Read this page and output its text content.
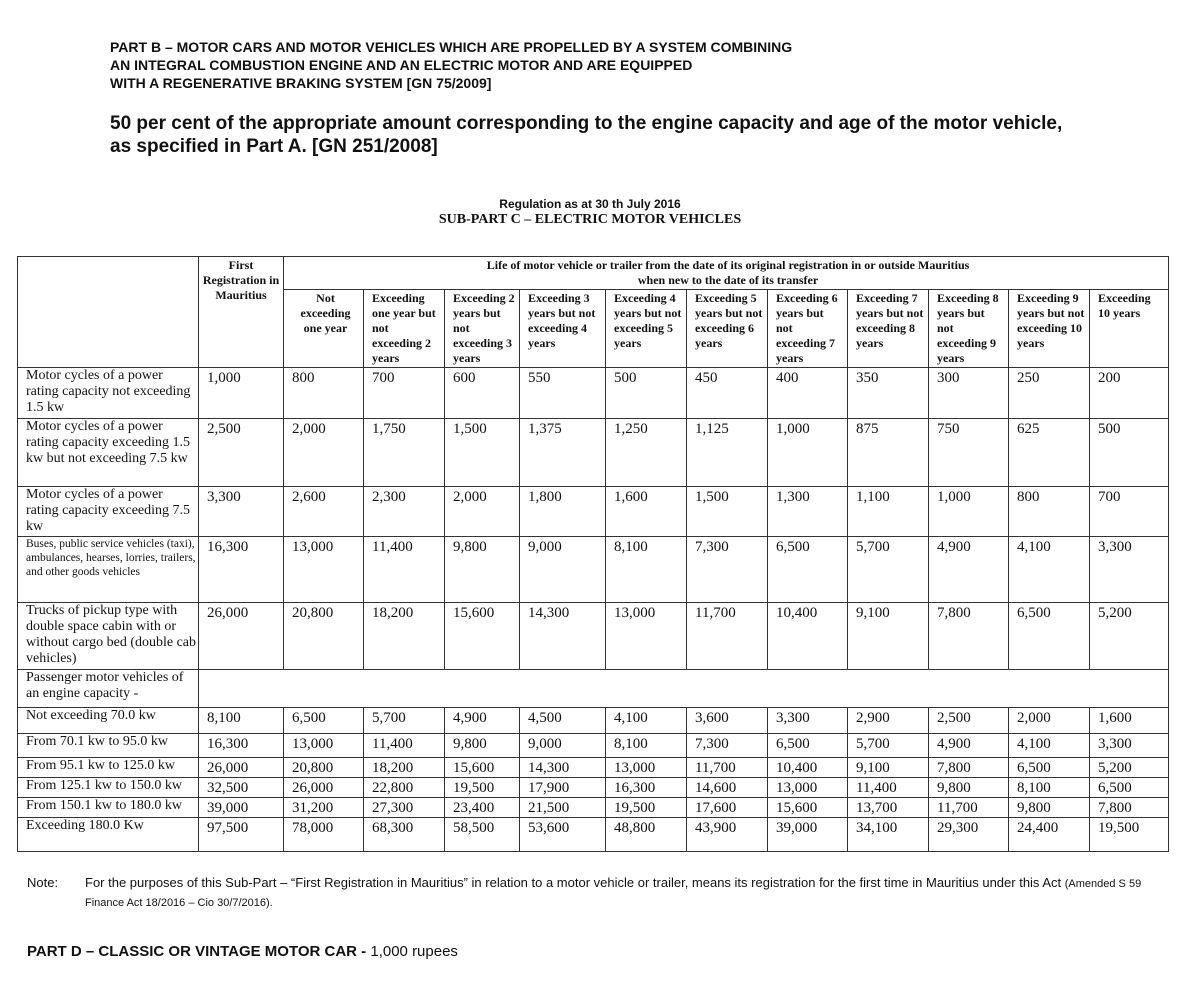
PART B – MOTOR CARS AND MOTOR VEHICLES WHICH ARE PROPELLED BY A SYSTEM COMBINING
AN INTEGRAL COMBUSTION ENGINE AND AN ELECTRIC MOTOR AND ARE EQUIPPED
WITH A REGENERATIVE BRAKING SYSTEM [GN 75/2009]
50 per cent of the appropriate amount corresponding to the engine capacity and age of the motor vehicle,
as specified in Part A. [GN 251/2008]
Regulation as at 30 th July 2016
SUB-PART C – ELECTRIC MOTOR VEHICLES
	First Registration in Mauritius	Life of motor vehicle or trailer from the date of its original registration in or outside Mauritius
when new to the date of its transfer										

		Not exceeding one year	Exceeding one year but not exceeding 2 years	Exceeding 2 years but not exceeding 3 years	Exceeding 3 years but not exceeding 4 years	Exceeding 4 years but not exceeding 5 years	Exceeding 5 years but not exceeding 6 years	Exceeding 6 years but not exceeding 7 years	Exceeding 7 years but not exceeding 8 years	Exceeding 8 years but not exceeding 9 years	Exceeding 9 years but not exceeding 10 years	Exceeding 10 years
Motor cycles of a power rating capacity not exceeding 1.5 kw	1,000	800	700	600	550	500	450	400	350	300	250	200
Motor cycles of a power rating capacity exceeding 1.5 kw but not exceeding 7.5 kw	2,500	2,000	1,750	1,500	1,375	1,250	1,125	1,000	875	750	625	500
Motor cycles of a power rating capacity exceeding 7.5 kw	3,300	2,600	2,300	2,000	1,800	1,600	1,500	1,300	1,100	1,000	800	700
Buses, public service vehicles (taxi), ambulances, hearses, lorries, trailers, and other goods vehicles	16,300	13,000	11,400	9,800	9,000	8,100	7,300	6,500	5,700	4,900	4,100	3,300
Trucks of pickup type with double space cabin with or without cargo bed (double cab vehicles)	26,000	20,800	18,200	15,600	14,300	13,000	11,700	10,400	9,100	7,800	6,500	5,200
Passenger motor vehicles of an engine capacity -												
Not exceeding 70.0 kw	8,100	6,500	5,700	4,900	4,500	4,100	3,600	3,300	2,900	2,500	2,000	1,600
From 70.1 kw to 95.0 kw	16,300	13,000	11,400	9,800	9,000	8,100	7,300	6,500	5,700	4,900	4,100	3,300
From 95.1 kw to 125.0 kw	26,000	20,800	18,200	15,600	14,300	13,000	11,700	10,400	9,100	7,800	6,500	5,200
From 125.1 kw to 150.0 kw	32,500	26,000	22,800	19,500	17,900	16,300	14,600	13,000	11,400	9,800	8,100	6,500
From 150.1 kw to 180.0 kw	39,000	31,200	27,300	23,400	21,500	19,500	17,600	15,600	13,700	11,700	9,800	7,800
Exceeding 180.0 Kw	97,500	78,000	68,300	58,500	53,600	48,800	43,900	39,000	34,100	29,300	24,400	19,500
Note: For the purposes of this Sub-Part – “First Registration in Mauritius” in relation to a motor vehicle or trailer, means its registration for the first time in Mauritius under this Act (Amended S 59 Finance Act 18/2016 – Cio 30/7/2016).
PART D – CLASSIC OR VINTAGE MOTOR CAR - 1,000 rupees
